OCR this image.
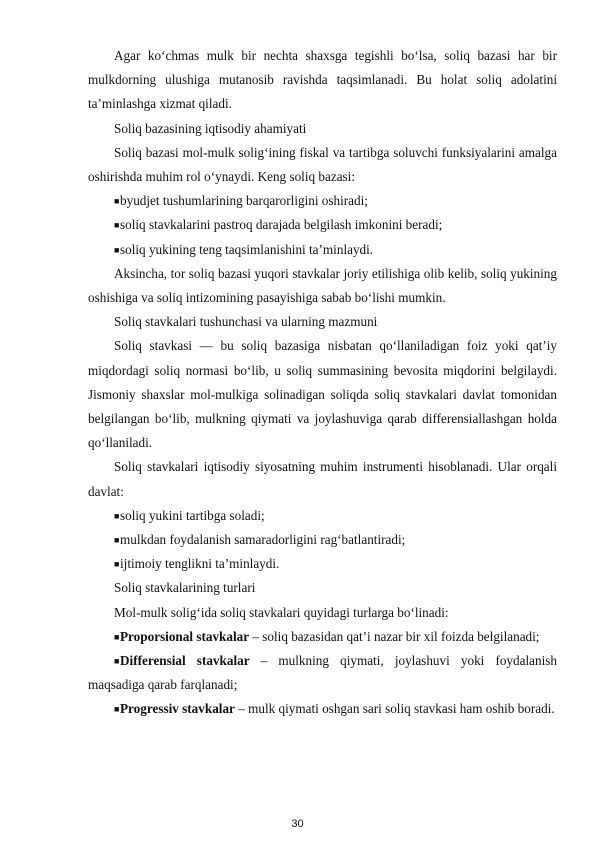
Agar ko‘chmas mulk bir nechta shaxsga tegishli bo‘lsa, soliq bazasi har bir mulkdorning ulushiga mutanosib ravishda taqsimlanadi. Bu holat soliq adolatini ta’minlashga xizmat qiladi.

Soliq bazasining iqtisodiy ahamiyati

Soliq bazasi mol-mulk solig‘ining fiskal va tartibga soluvchi funksiyalarini amalga oshirishda muhim rol o‘ynaydi. Keng soliq bazasi:

■byudjet tushumlarining barqarorligini oshiradi;

■soliq stavkalarini pastroq darajada belgilash imkonini beradi;

■soliq yukining teng taqsimlanishini ta’minlaydi.

Aksincha, tor soliq bazasi yuqori stavkalar joriy etilishiga olib kelib, soliq yukining oshishiga va soliq intizomining pasayishiga sabab bo‘lishi mumkin.

Soliq stavkalari tushunchasi va ularning mazmuni

Soliq stavkasi — bu soliq bazasiga nisbatan qo‘llaniladigan foiz yoki qat’iy miqdordagi soliq normasi bo‘lib, u soliq summasining bevosita miqdorini belgilaydi. Jismoniy shaxslar mol-mulkiga solinadigan soliqda soliq stavkalari davlat tomonidan belgilangan bo‘lib, mulkning qiymati va joylashuviga qarab differensiallashgan holda qo‘llaniladi.

Soliq stavkalari iqtisodiy siyosatning muhim instrumenti hisoblanadi. Ular orqali davlat:

■soliq yukini tartibga soladi;

■mulkdan foydalanish samaradorligini rag‘batlantiradi;

■ijtimoiy tenglikni ta’minlaydi.

Soliq stavkalarining turlari

Mol-mulk solig‘ida soliq stavkalari quyidagi turlarga bo‘linadi:

■Proporsional stavkalar – soliq bazasidan qat’i nazar bir xil foizda belgilanadi;

■Differensial stavkalar – mulkning qiymati, joylashuvi yoki foydalanish maqsadiga qarab farqlanadi;

■Progressiv stavkalar – mulk qiymati oshgan sari soliq stavkasi ham oshib boradi.

30
